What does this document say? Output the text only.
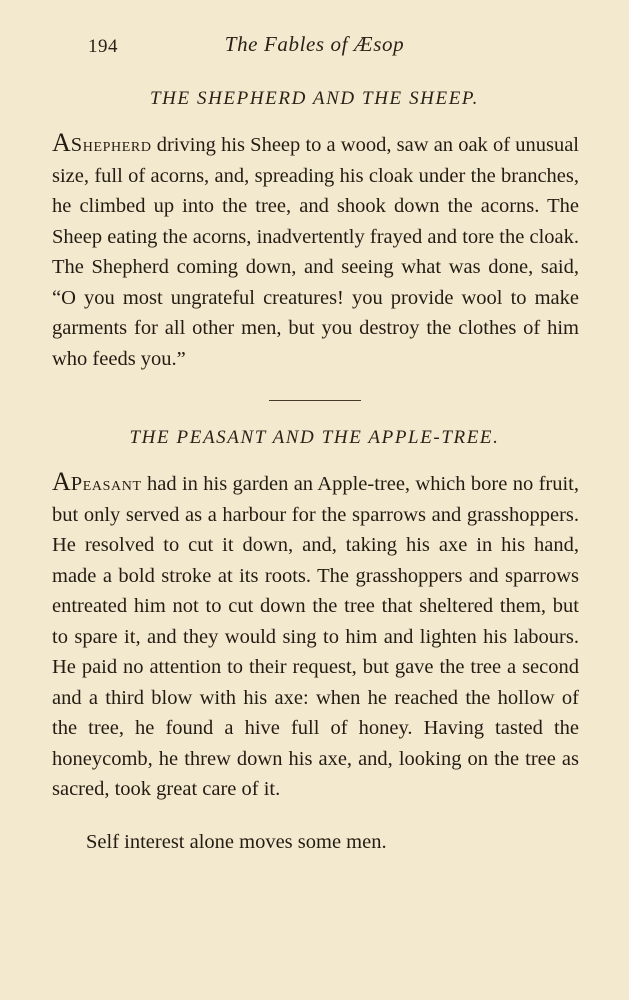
194	The Fables of Æsop
THE SHEPHERD AND THE SHEEP.

AShepherd driving his Sheep to a wood, saw an oak of unusual size, full of acorns, and, spreading his cloak under the branches, he climbed up into the tree, and shook down the acorns. The Sheep eating the acorns, inadvertently frayed and tore the cloak. The Shepherd coming down, and seeing what was done, said, “O you most ungrateful creatures! you provide wool to make garments for all other men, but you destroy the clothes of him who feeds you.”

THE PEASANT AND THE APPLE-TREE.

APeasant had in his garden an Apple-tree, which bore no fruit, but only served as a harbour for the sparrows and grasshoppers. He resolved to cut it down, and, taking his axe in his hand, made a bold stroke at its roots. The grasshoppers and sparrows entreated him not to cut down the tree that sheltered them, but to spare it, and they would sing to him and lighten his labours. He paid no attention to their request, but gave the tree a second and a third blow with his axe: when he reached the hollow of the tree, he found a hive full of honey. Having tasted the honeycomb, he threw down his axe, and, looking on the tree as sacred, took great care of it.

Self interest alone moves some men.
